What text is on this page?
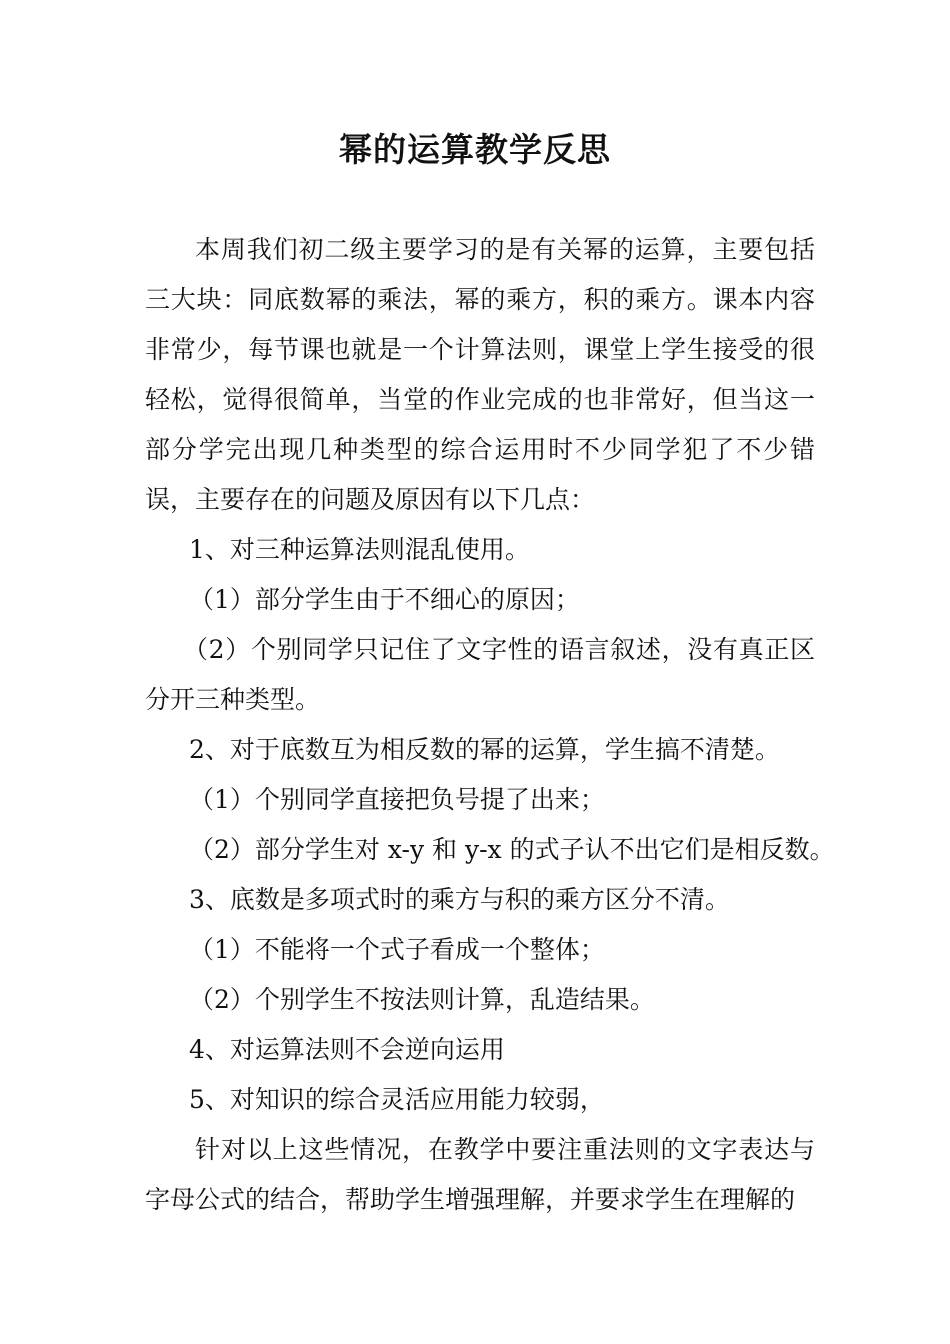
幂的运算教学反思

本周我们初二级主要学习的是有关幂的运算，主要包括三大块：同底数幂的乘法，幂的乘方，积的乘方。课本内容非常少，每节课也就是一个计算法则，课堂上学生接受的很轻松，觉得很简单，当堂的作业完成的也非常好，但当这一部分学完出现几种类型的综合运用时不少同学犯了不少错误，主要存在的问题及原因有以下几点：

1、对三种运算法则混乱使用。

（1）部分学生由于不细心的原因；

（2）个别同学只记住了文字性的语言叙述，没有真正区分开三种类型。

2、对于底数互为相反数的幂的运算，学生搞不清楚。

（1）个别同学直接把负号提了出来；

（2）部分学生对 x-y 和 y-x 的式子认不出它们是相反数。

3、底数是多项式时的乘方与积的乘方区分不清。

（1）不能将一个式子看成一个整体；

（2）个别学生不按法则计算，乱造结果。

4、对运算法则不会逆向运用

5、对知识的综合灵活应用能力较弱，

针对以上这些情况，在教学中要注重法则的文字表达与字母公式的结合，帮助学生增强理解，并要求学生在理解的
